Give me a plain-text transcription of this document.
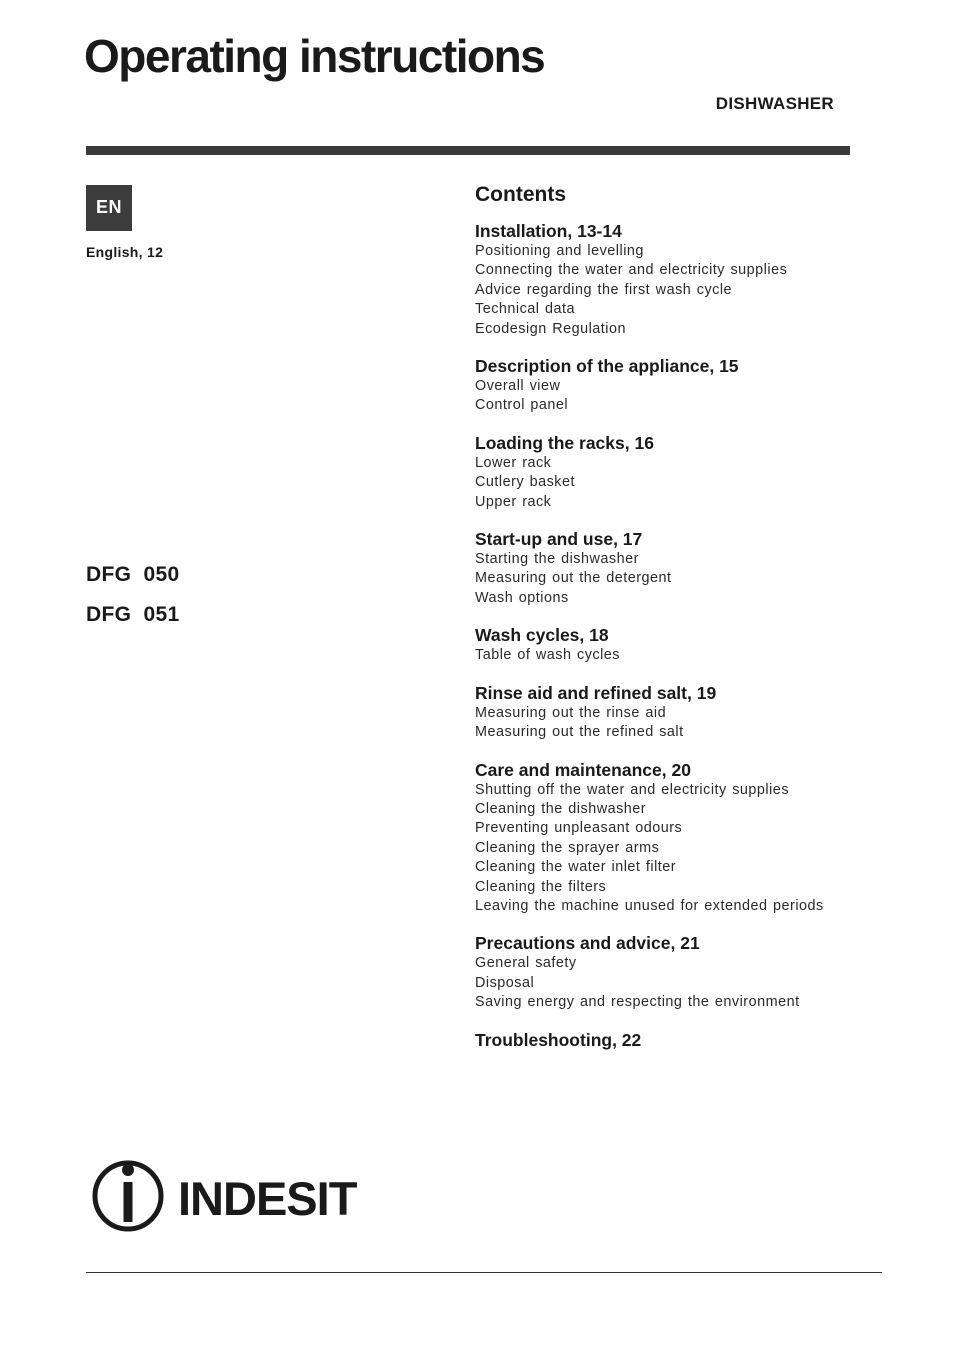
Operating instructions
DISHWASHER
EN
English, 12
DFG  050
DFG  051
Contents
Installation, 13-14
Positioning and levelling
Connecting the water and electricity supplies
Advice regarding the first wash cycle
Technical data
Ecodesign Regulation
Description of the appliance, 15
Overall view
Control panel
Loading the racks, 16
Lower rack
Cutlery basket
Upper rack
Start-up and use, 17
Starting the dishwasher
Measuring out the detergent
Wash options
Wash cycles, 18
Table of wash cycles
Rinse aid and refined salt, 19
Measuring out the rinse aid
Measuring out the refined salt
Care and maintenance, 20
Shutting off the water and electricity supplies
Cleaning the dishwasher
Preventing unpleasant odours
Cleaning the sprayer arms
Cleaning the water inlet filter
Cleaning the filters
Leaving the machine unused for extended periods
Precautions and advice, 21
General safety
Disposal
Saving energy and respecting the environment
Troubleshooting, 22
INDESIT
